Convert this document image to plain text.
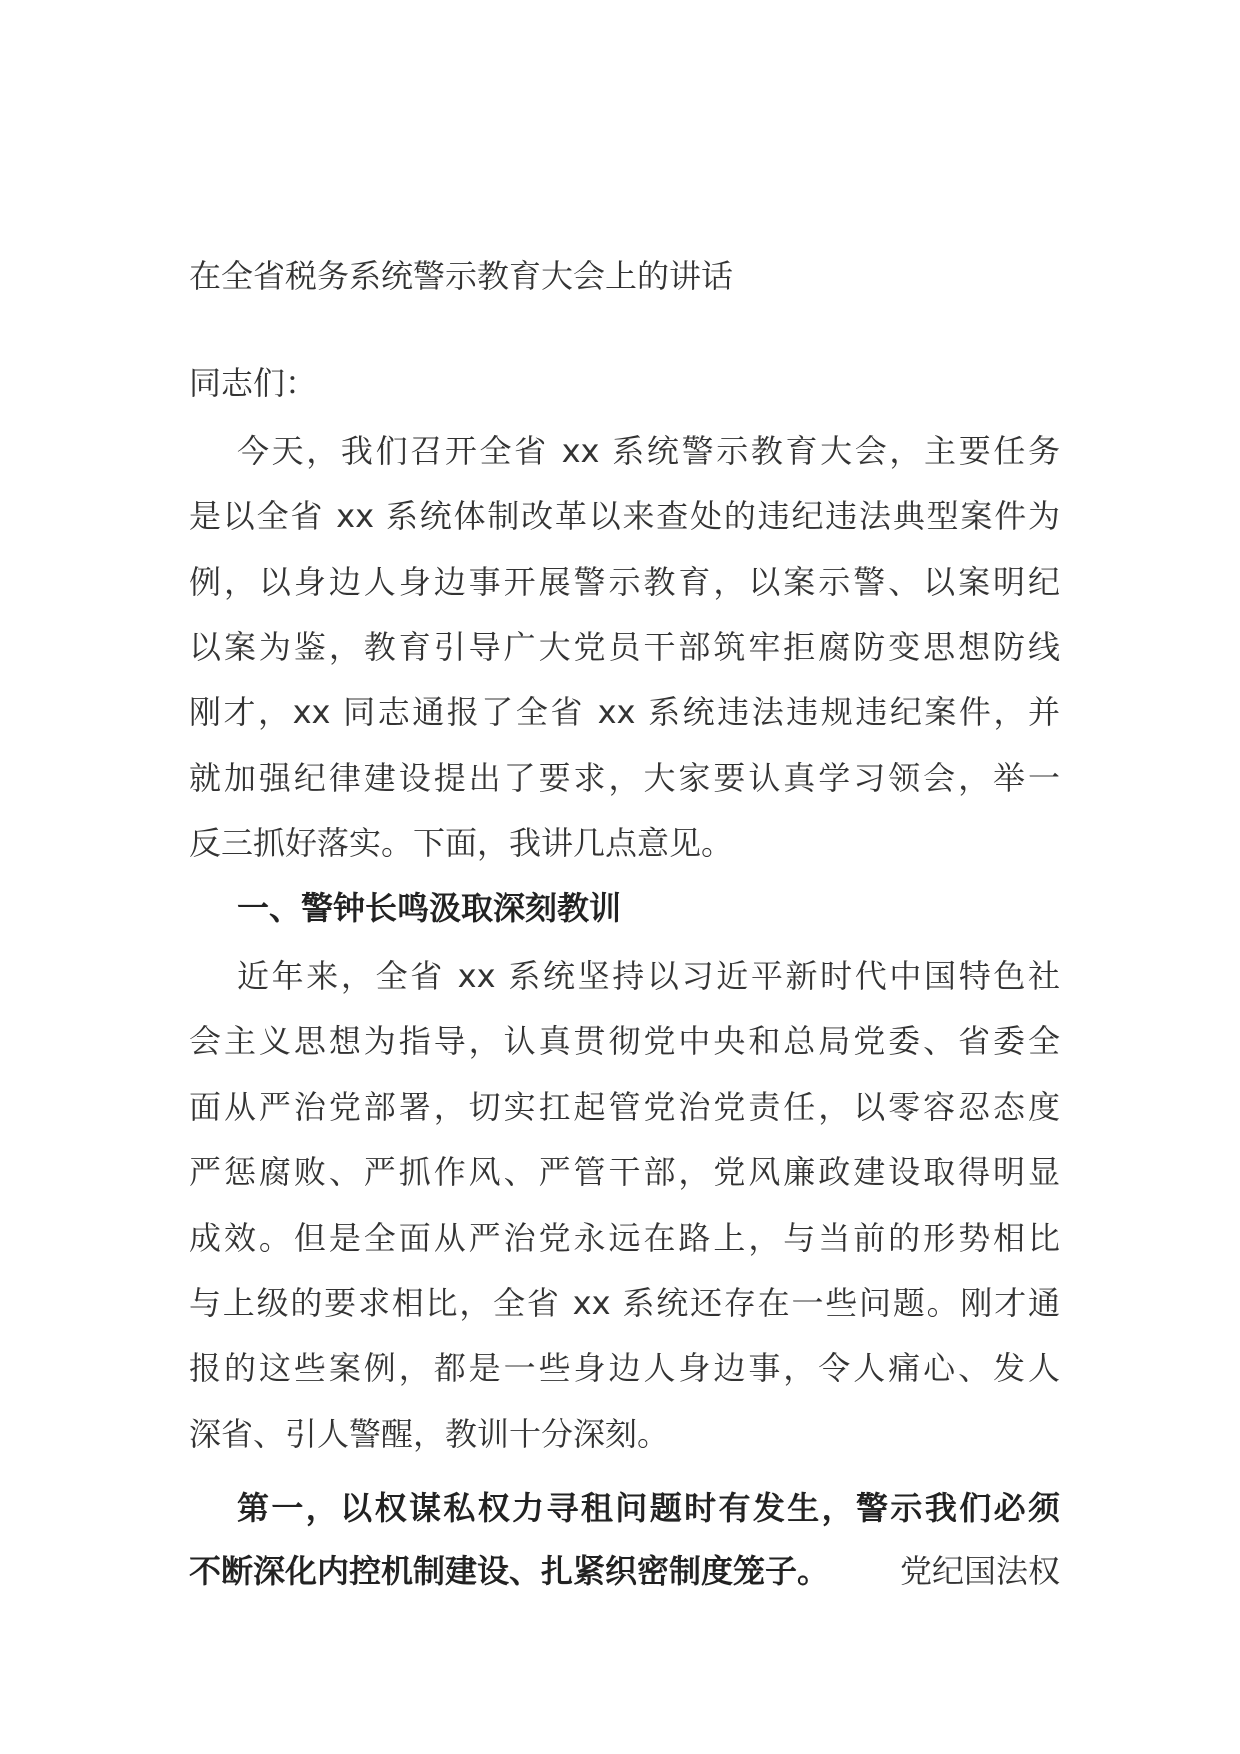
在全省税务系统警示教育大会上的讲话
同志们：
今天，我们召开全省 xx 系统警示教育大会，主要任务
是以全省 xx 系统体制改革以来查处的违纪违法典型案件为
例，以身边人身边事开展警示教育，以案示警、以案明纪
以案为鉴，教育引导广大党员干部筑牢拒腐防变思想防线
刚才，xx 同志通报了全省 xx 系统违法违规违纪案件，并
就加强纪律建设提出了要求，大家要认真学习领会，举一
反三抓好落实。下面，我讲几点意见。
一、警钟长鸣汲取深刻教训
近年来，全省 xx 系统坚持以习近平新时代中国特色社
会主义思想为指导，认真贯彻党中央和总局党委、省委全
面从严治党部署，切实扛起管党治党责任，以零容忍态度
严惩腐败、严抓作风、严管干部，党风廉政建设取得明显
成效。但是全面从严治党永远在路上，与当前的形势相比
与上级的要求相比，全省 xx 系统还存在一些问题。刚才通
报的这些案例，都是一些身边人身边事，令人痛心、发人
深省、引人警醒，教训十分深刻。
第一，以权谋私权力寻租问题时有发生，警示我们必须
不断深化内控机制建设、扎紧织密制度笼子。 党纪国法权
